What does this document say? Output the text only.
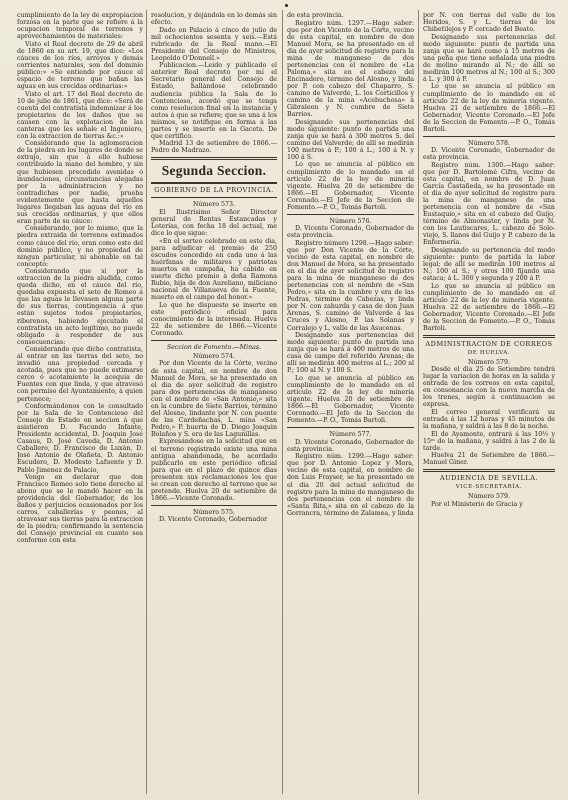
cumplimiento de la ley de expropiacion forzosa en la parte que se refiere á la ocupacion temporal de terrenos y aprovechamientos de materiales:

Visto el Real decreto de 29 de abril de 1860 en su art. 19, que dice: «Los cáuces de los ríos, arroyos y demás corrientes naturales, son del dominio público:» «Se entiende por cáuce el espacio de terreno que bañan las aguas en sus crecidas ordinarias:»

Visto el art. 17 del Real decreto de 10 de julio de 1861, que dice: «Será de cuenta del contratista indemnizar á los propietarios de los daños que se causen con la explotacion de las canteras que les señale el Ingeniero, con la extraccion de tierras &c.:»

Considerando que la aglomeracion de la piedra en los lugares de donde se extrajo, sin que á ello hubiese contribuido la mano del hombre, y sin que hubiesen precedido avenidas ó inundaciones, circunstancias alegadas por la administracion y no contradichas por nadie, prueba evidentemente que hasta aquellos lugares llegaban las aguas del río en sus crecidas ordinarias, y que ellos eran parte de su cáuce:

Considerando, por lo mismo, que la piedra extraida de terrenos estimados como cáuce del río, eran como este del dominio público, y no propiedad de ningun particular, ni abonable en tal concepto:

Considerando que si por la extraccion de la piedra aludida, como queda dicho, en el cáuce del río, quedaba expuesta el seto de Romeo á que las aguas le llevasen alguna parte de sus tierras, contingencia á que están sujetos todos propietarios, riberenos, habiendo ejecutado el contratista un acto legítimo, no puede obligado á responder de sus consecuencias:

Considerando que dicho contratista, al entrar en las tierras del seto, no invadió una propiedad cercada y acotada, pues que no puede estimarse cerco ó acotamiento la acequia de Fuentes con que linda, y que atravesó con permiso del Ayuntamiento, á quien pertenece;

Conformándonos con le consultado por la Sala de lo Contencioso del Consejo de Estado en seccion á que asistieron D. Facundo Infante, Presidente accidental, D. Joaquin José Casaus, D. José Caveda, D. Antonio Caballero, D. Francisco de Luxán, D. José Antonio de Olañeta, D. Antonio Escudero, D. Modesto Lafuente y D. Pablo Jimenez de Palacio,

Vengo en declarar que don Francisco Romeo solo tiene derecho al abono que se le mandó hacer en la providencia del Gobernador, de los daños y perjuicios ocasionados por los carros, caballerías y peones, al atravesar sus tierras para la extraccion de la piedra; confirmando la sentencia del Consejo provincial en cuanto sea conforme con esta

resolucion, y dejándola en lo demás sin efecto.

Dado en Palacio á cinco de julio de mil ochocientos sesenta y seis.—Está rubricado de la Real mano.—El Presidente del Consejo de Ministros, Leopoldo O'Donnell.»

Publicacion.—Leido y publicado el anterior Real decreto por mí el Secretario general del Consejo de Estado, hallándose celebrando audiencia pública la Sala de lo Contencioso, acordó que se tenga como resolucion final en la instancia y autos á que se refiere; que se una á los mismos, se notifique en forma á las partes y se inserte en la Gaceta. De que certifico.

Madrid 13 de setiembre de 1866.—Pedro de Madrazo.

Segunda Seccion.
GOBIERNO DE LA PROVINCIA.

Número 573.

El Ilustrísimo Señor Director general de Rentas Estancadas y Loterías, con fecha 18 del actual, me dice lo que sigue:

«En el sorteo celebrado en este dia, para adjudicar el premio de 250 escudos concedido en cada uno á las huérfanas de militares y patriotas muertos en campaña, ha cabido en suerte dicho premio á doña Ramona Rubio, hija de don Aureliano, miliciano nacional de Villanueva de la Fuente, muerto en el campo del honor.»

Lo que he dispuesto se inserte en este periódico oficial para conocimiento de la interesada. Huelva 22 de setiembre de 1866.—Vicente Coronado.

Seccion de Fomento.—Minas.

Número 574.

Por don Vicente de la Córte, vecino de esta capital, en nombre de don Manuel de Mora, se ha presentado en el dia de ayer solicitud de registro para dos pertenencias de manganeso con el nombre de «San Antonio,» sita en la cumbre de Siete Barrios, término del Alosno, lindante por N. con puente de las Cardeñachas, L. mina «San Pedro,» P. huerta de D. Diego Joaquin Bolaños y S. era de las Lagunillas.

Expresándose en la solicitud que en el terreno registrado existe una mina antigua abandonada, he acordado publicarlo en este periódico oficial para que en el plazo de quince dias presenten sus reclamaciones los que se crean con derecho al terreno que se pretende. Huelva 20 de setiembre de 1866.—Vicente Coronado.

Número 575.

D. Vicente Coronado, Gobernador

de esta provincia.

Registro núm. 1297.—Hago saber: que por don Vicente de la Córte, vecino de esta capital, en nombre de don Manuel Mora, se ha presentado en el dia de ayer solicitud de registro para la mina de manganeso de dos pertenencias con el nombre de «La Paloma,» sita en el cabezo del Encinadero, término del Alosno, y linda por P. con cabezo del Chaparro, S. camino de Valverde, L. los Corticillos y camino de la mina «Acebuchosa» á Gibraleon y N. cumbre de Siete Barrios.

Designando sus pertenencias del modo siguiente: punto de partida una zanja que se hará á 300 metros S. del camino del Valverde; de allí se medirán 100 metros á P.; 100 á L.; 100 á N. y 100 á S.

Lo que se anuncia al público en cumplimiento de lo mandado en el artículo 22 de la ley de minería vigente. Huelva 20 de setiembre de 1866.—El Gobernador, Vicente Coronado.—El Jefe de la Seccion de Fomento.—P. O., Tomás Bartoli.

Número 576.

D. Vicente Coronado, Gobernador de esta provincia.

Registro número 1298.—Hago saber: que por Don Vicente de la Córte, vecino de esta capital, en nombre de don Manuel de Mora, se ha presentado en el dia de ayer solicitud de registro para la mina de manganeso de dos pertenencias con el nombre de «San Pedro,» sita en la cumbre y era de las Pedras, término de Cabezas, y linda por N. con zahurda y casa de don Juan Arenas, S. camino de Valverde á las Cruces y Alosno, P. las Solanas y Corralejo y L. valle de las Asucenas.

Designando sus pertenencias del modo siguiente: punto de partida una zanja que se hará á 400 metros de una casa de campo del referido Arenas; de allí se medirán 400 metros al L.; 200 al P.; 100 al N. y 100 S.

Lo que se anuncia al público en cumplimiento de lo mandado en el artículo 22 de la ley de minería vigente. Huelva 20 de setiembre de 1866.—El Gobernador, Vicente Coronado.—El Jefe de la Seccion de Fomento.—P. O., Tomás Bartoli.

Número 577.

D. Vicente Coronado, Gobernador de esta provincia.

Registro núm. 1299.—Hago saber: que por D. Antonio Lopez y Mora, vecino de esta capital, en nombre de don Luis Frayser, se ha presentado en el dia 20 del actual solicitud de registro para la mina de manganeso de dos pertenencias con el nombre de «Santa Rita,» sita en el cabezo de la Gorrancra, término de Zalamea, y linda

por N. con tierras del valle de los Heridos, S. y L. tierras de los Chibetilejos y P. cercado del Beato.

Designando sus pertenencias del modo siguiente: punto de partida una zanja que se hará como á 15 metros de una peña que tiene señalada una piedra de molino mirando al N.; de allí se medirán 100 metros al N.; 100 al S.; 300 á L. y 300 á P.

Lo que se anuncia al público en cumplimiento de lo mandado en el artículo 22 de la ley de minería vigente. Huelva 21 de setiembre de 1866.—El Gobernador, Vicente Coronado.—El Jefe de la Seccion de Fomento.—P. O., Tomás Bartoli.

Número 578.

D. Vicente Coronado, Gobernador de esta provincia.

Registro núm. 1300.—Hago saber: que por D. Bartolomé Cifra, vecino de esta capital, en nombre de D. Juan García Castañeda, se ha presentado en el dia de ayer solicitud de registro para la mina de manganeso de una pertenencia con el nombre de «San Eustaquio,» sita en el cabezo del Guijo, término de Almonaster, y linda por N. con los Lautiscares, L. cabezo de Solo-viejo, S. llanos del Guijo y P. cabezo de la Enfermería.

Designando su pertenencia del modo siguiente: punto de partida la labor legal; de allí se medirán 100 metros al N.; 100 al S.; y otros 100 fijando una estaca; á L. 300 y segunda y 200 á P.

Lo que se anuncia al público en cumplimiento de lo mandado en el artículo 22 de la ley de minería vigente. Huelva 22 de setiembre de 1866.—El Gobernador, Vicente Coronado.—El Jefe de la Seccion de Fomento.—P. O., Tomás Bartoli.

ADMINISTRACION DE CORREOS
DE HUELVA.

Número 579.

Desde el dia 25 de Setiembre tendrá lugar la variacion de horas en la salida y entrada de los correos en esta capital, en consonancia con la nueva marcha de los trenes, según á continuacion se expresa.

El correo general verificará su entrada á las 12 horas y 45 minutos de la mañana, y saldrá á las 8 de la noche.

El de Ayamonte, entrará á las 10½ y 15ᵐ de la mañana, y saldrá á las 2 de la tarde.

Huelva 21 de Setiembre de 1866.—Manuel Giner.

AUDIENCIA DE SEVILLA.
VICE-SECRETARÍA.

Número 579.

Por el Ministerio de Gracia y
